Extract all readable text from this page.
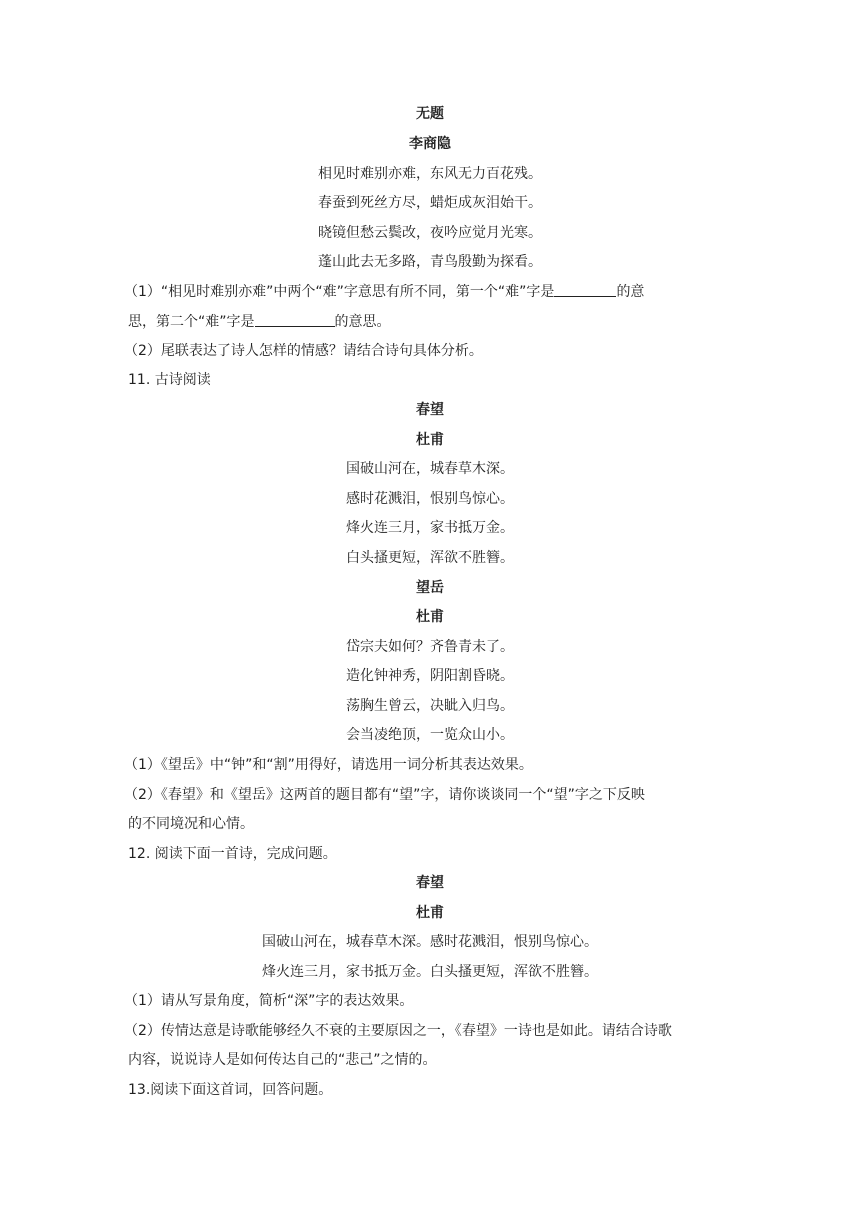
无题
李商隐
相见时难别亦难，东风无力百花残。
春蚕到死丝方尽，蜡炬成灰泪始干。
晓镜但愁云鬓改，夜吟应觉月光寒。
蓬山此去无多路，青鸟殷勤为探看。
（1）“相见时难别亦难”中两个“难”字意思有所不同，第一个“难”字是	的意
思，第二个“难”字是	的意思。
（2）尾联表达了诗人怎样的情感？请结合诗句具体分析。
11. 古诗阅读
春望
杜甫
国破山河在，城春草木深。
感时花溅泪，恨别鸟惊心。
烽火连三月，家书抵万金。
白头搔更短，浑欲不胜簪。
望岳
杜甫
岱宗夫如何？齐鲁青未了。
造化钟神秀，阴阳割昏晓。
荡胸生曾云，决眦入归鸟。
会当凌绝顶，一览众山小。
（1）《望岳》中“钟”和“割”用得好，请选用一词分析其表达效果。
（2）《春望》和《望岳》这两首的题目都有“望”字，请你谈谈同一个“望”字之下反映
的不同境况和心情。
12. 阅读下面一首诗，完成问题。
春望
杜甫
国破山河在，城春草木深。感时花溅泪，恨别鸟惊心。
烽火连三月，家书抵万金。白头搔更短，浑欲不胜簪。
（1）请从写景角度，简析“深”字的表达效果。
（2）传情达意是诗歌能够经久不衰的主要原因之一，《春望》一诗也是如此。请结合诗歌
内容，说说诗人是如何传达自己的“悲己”之情的。
13.阅读下面这首词，回答问题。
